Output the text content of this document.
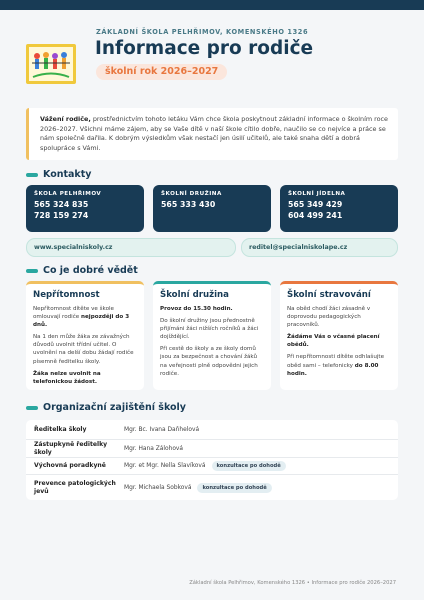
ZÁKLADNÍ ŠKOLA PELHŘIMOV, KOMENSKÉHO 1326
Informace pro rodiče
školní rok 2026–2027
Vážení rodiče, prostřednictvím tohoto letáku Vám chce škola poskytnout základní informace o školním roce 2026–2027. Všichni máme zájem, aby se Vaše dítě v naší škole cítilo dobře, naučilo se co nejvíce a práce se nám společně dařila. K dobrým výsledkům však nestačí jen úsilí učitelů, ale také snaha dětí a dobrá spolupráce s Vámi.
Kontakty
ŠKOLA PELHŘIMOV
565 324 835
728 159 274
ŠKOLNÍ DRUŽINA
565 333 430
ŠKOLNÍ JÍDELNA
565 349 429
604 499 241
www.specialniskoly.cz	reditel@specialniskolape.cz
Co je dobré vědět
Nepřítomnost

Nepřítomnost dítěte ve škole omlouvají rodiče nejpozději do 3 dnů.

Na 1 den může žáka ze závažných důvodů uvolnit třídní učitel. O uvolnění na delší dobu žádají rodiče písemně ředitelku školy.

Žáka nelze uvolnit na telefonickou žádost.

Školní družina

Provoz do 15.30 hodin.

Do školní družiny jsou přednostně přijímáni žáci nižších ročníků a žáci dojíždějící.

Při cestě do školy a ze školy domů jsou za bezpečnost a chování žáků na veřejnosti plně odpovědni jejich rodiče.

Školní stravování

Na oběd chodí žáci zásadně v doprovodu pedagogických pracovníků.

Žádáme Vás o včasné placení obědů.

Při nepřítomnosti dítěte odhlašujte oběd sami – telefonicky do 8.00 hodin.

Organizační zajištění školy
Ředitelka školy	Mgr. Bc. Ivana Daňhelová
Zástupkyně ředitelky školy	Mgr. Hana Zálohová
Výchovná poradkyně	Mgr. et Mgr. Nella Slavíková	konzultace po dohodě
Prevence patologických jevů	Mgr. Michaela Sobková	konzultace po dohodě
Základní škola Pelhřimov, Komenského 1326 • Informace pro rodiče 2026–2027
